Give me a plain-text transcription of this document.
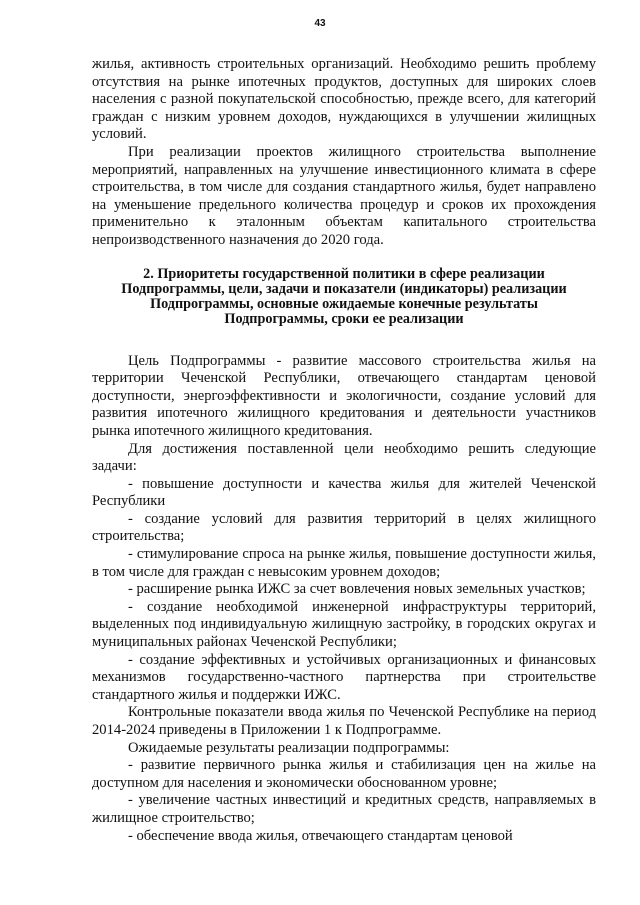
43

жилья, активность строительных организаций. Необходимо решить проблему отсутствия на рынке ипотечных продуктов, доступных для широких слоев населения с разной покупательской способностью, прежде всего, для категорий граждан с низким уровнем доходов, нуждающихся в улучшении жилищных условий.

При реализации проектов жилищного строительства выполнение мероприятий, направленных на улучшение инвестиционного климата в сфере строительства, в том числе для создания стандартного жилья, будет направлено на уменьшение предельного количества процедур и сроков их прохождения применительно к эталонным объектам капитального строительства непроизводственного назначения до 2020 года.

2. Приоритеты государственной политики в сфере реализации
Подпрограммы, цели, задачи и показатели (индикаторы) реализации
Подпрограммы, основные ожидаемые конечные результаты
Подпрограммы, сроки ее реализации

Цель Подпрограммы - развитие массового строительства жилья на территории Чеченской Республики, отвечающего стандартам ценовой доступности, энергоэффективности и экологичности, создание условий для развития ипотечного жилищного кредитования и деятельности участников рынка ипотечного жилищного кредитования.

Для достижения поставленной цели необходимо решить следующие задачи:

- повышение доступности и качества жилья для жителей Чеченской Республики

- создание условий для развития территорий в целях жилищного строительства;

- стимулирование спроса на рынке жилья, повышение доступности жилья, в том числе для граждан с невысоким уровнем доходов;

- расширение рынка ИЖС за счет вовлечения новых земельных участков;

- создание необходимой инженерной инфраструктуры территорий, выделенных под индивидуальную жилищную застройку, в городских округах и муниципальных районах Чеченской Республики;

- создание эффективных и устойчивых организационных и финансовых механизмов государственно-частного партнерства при строительстве стандартного жилья и поддержки ИЖС.

Контрольные показатели ввода жилья по Чеченской Республике на период 2014-2024 приведены в Приложении 1 к Подпрограмме.

Ожидаемые результаты реализации подпрограммы:

- развитие первичного рынка жилья и стабилизация цен на жилье на доступном для населения и экономически обоснованном уровне;

- увеличение частных инвестиций и кредитных средств, направляемых в жилищное строительство;

- обеспечение ввода жилья, отвечающего стандартам ценовой
